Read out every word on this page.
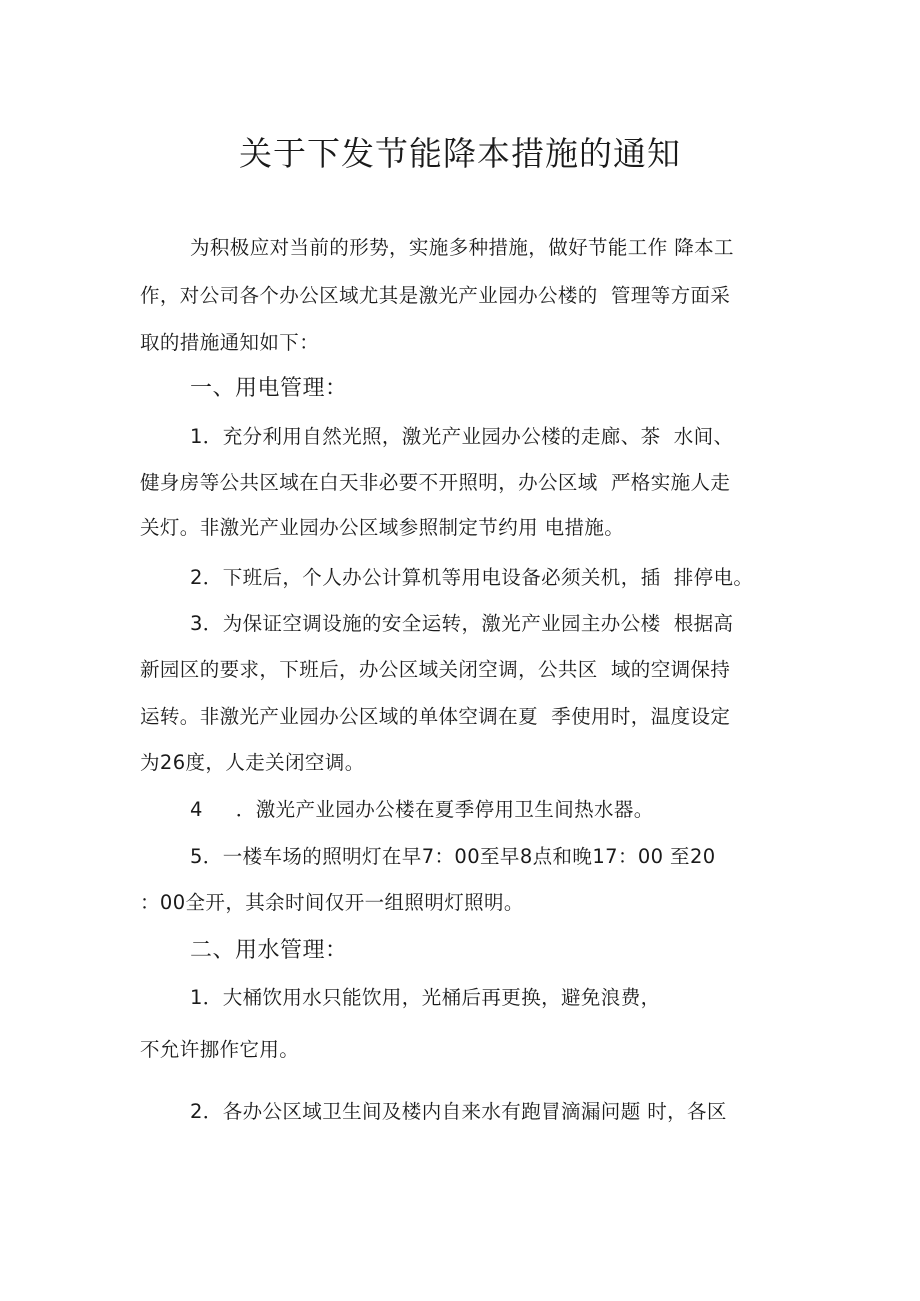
关于下发节能降本措施的通知
为积极应对当前的形势，实施多种措施，做好节能工作 降本工
作，对公司各个办公区域尤其是激光产业园办公楼的  管理等方面采
取的措施通知如下：
一、用电管理：
1．充分利用自然光照，激光产业园办公楼的走廊、茶  水间、
健身房等公共区域在白天非必要不开照明，办公区域  严格实施人走
关灯。非激光产业园办公区域参照制定节约用 电措施。
2．下班后，个人办公计算机等用电设备必须关机，插  排停电。
3．为保证空调设施的安全运转，激光产业园主办公楼  根据高
新园区的要求，下班后，办公区域关闭空调，公共区  域的空调保持
运转。非激光产业园办公区域的单体空调在夏  季使用时，温度设定
为26度，人走关闭空调。
4     ．激光产业园办公楼在夏季停用卫生间热水器。
5．一楼车场的照明灯在早7：00至早8点和晚17：00 至20
：00全开，其余时间仅开一组照明灯照明。
二、用水管理：
1．大桶饮用水只能饮用，光桶后再更换，避免浪费，
不允许挪作它用。
2．各办公区域卫生间及楼内自来水有跑冒滴漏问题 时，各区
